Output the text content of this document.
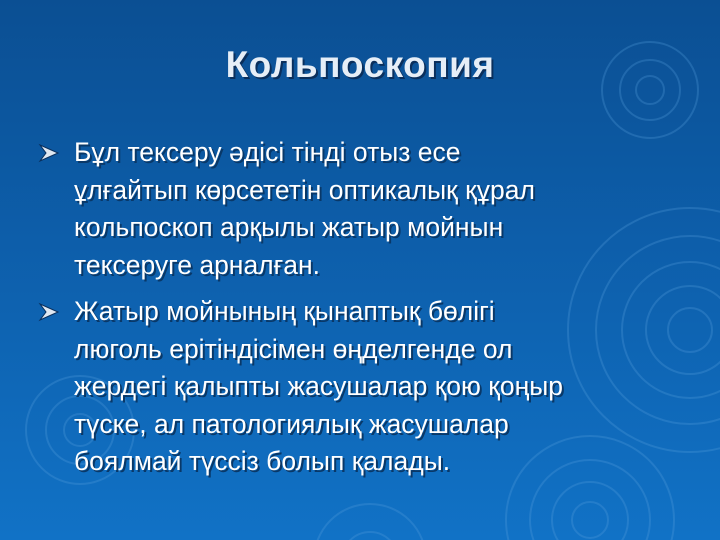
Кольпоскопия
Бұл тексеру әдісі тінді отыз есе
ұлғайтып көрсететін оптикалық құрал
кольпоскоп арқылы жатыр мойнын
тексеруге арналған.
Жатыр мойнының қынаптық бөлігі
люголь ерітіндісімен өңделгенде ол
жердегі қалыпты жасушалар қою қоңыр
түске, ал патологиялық жасушалар
боялмай түссіз болып қалады.
